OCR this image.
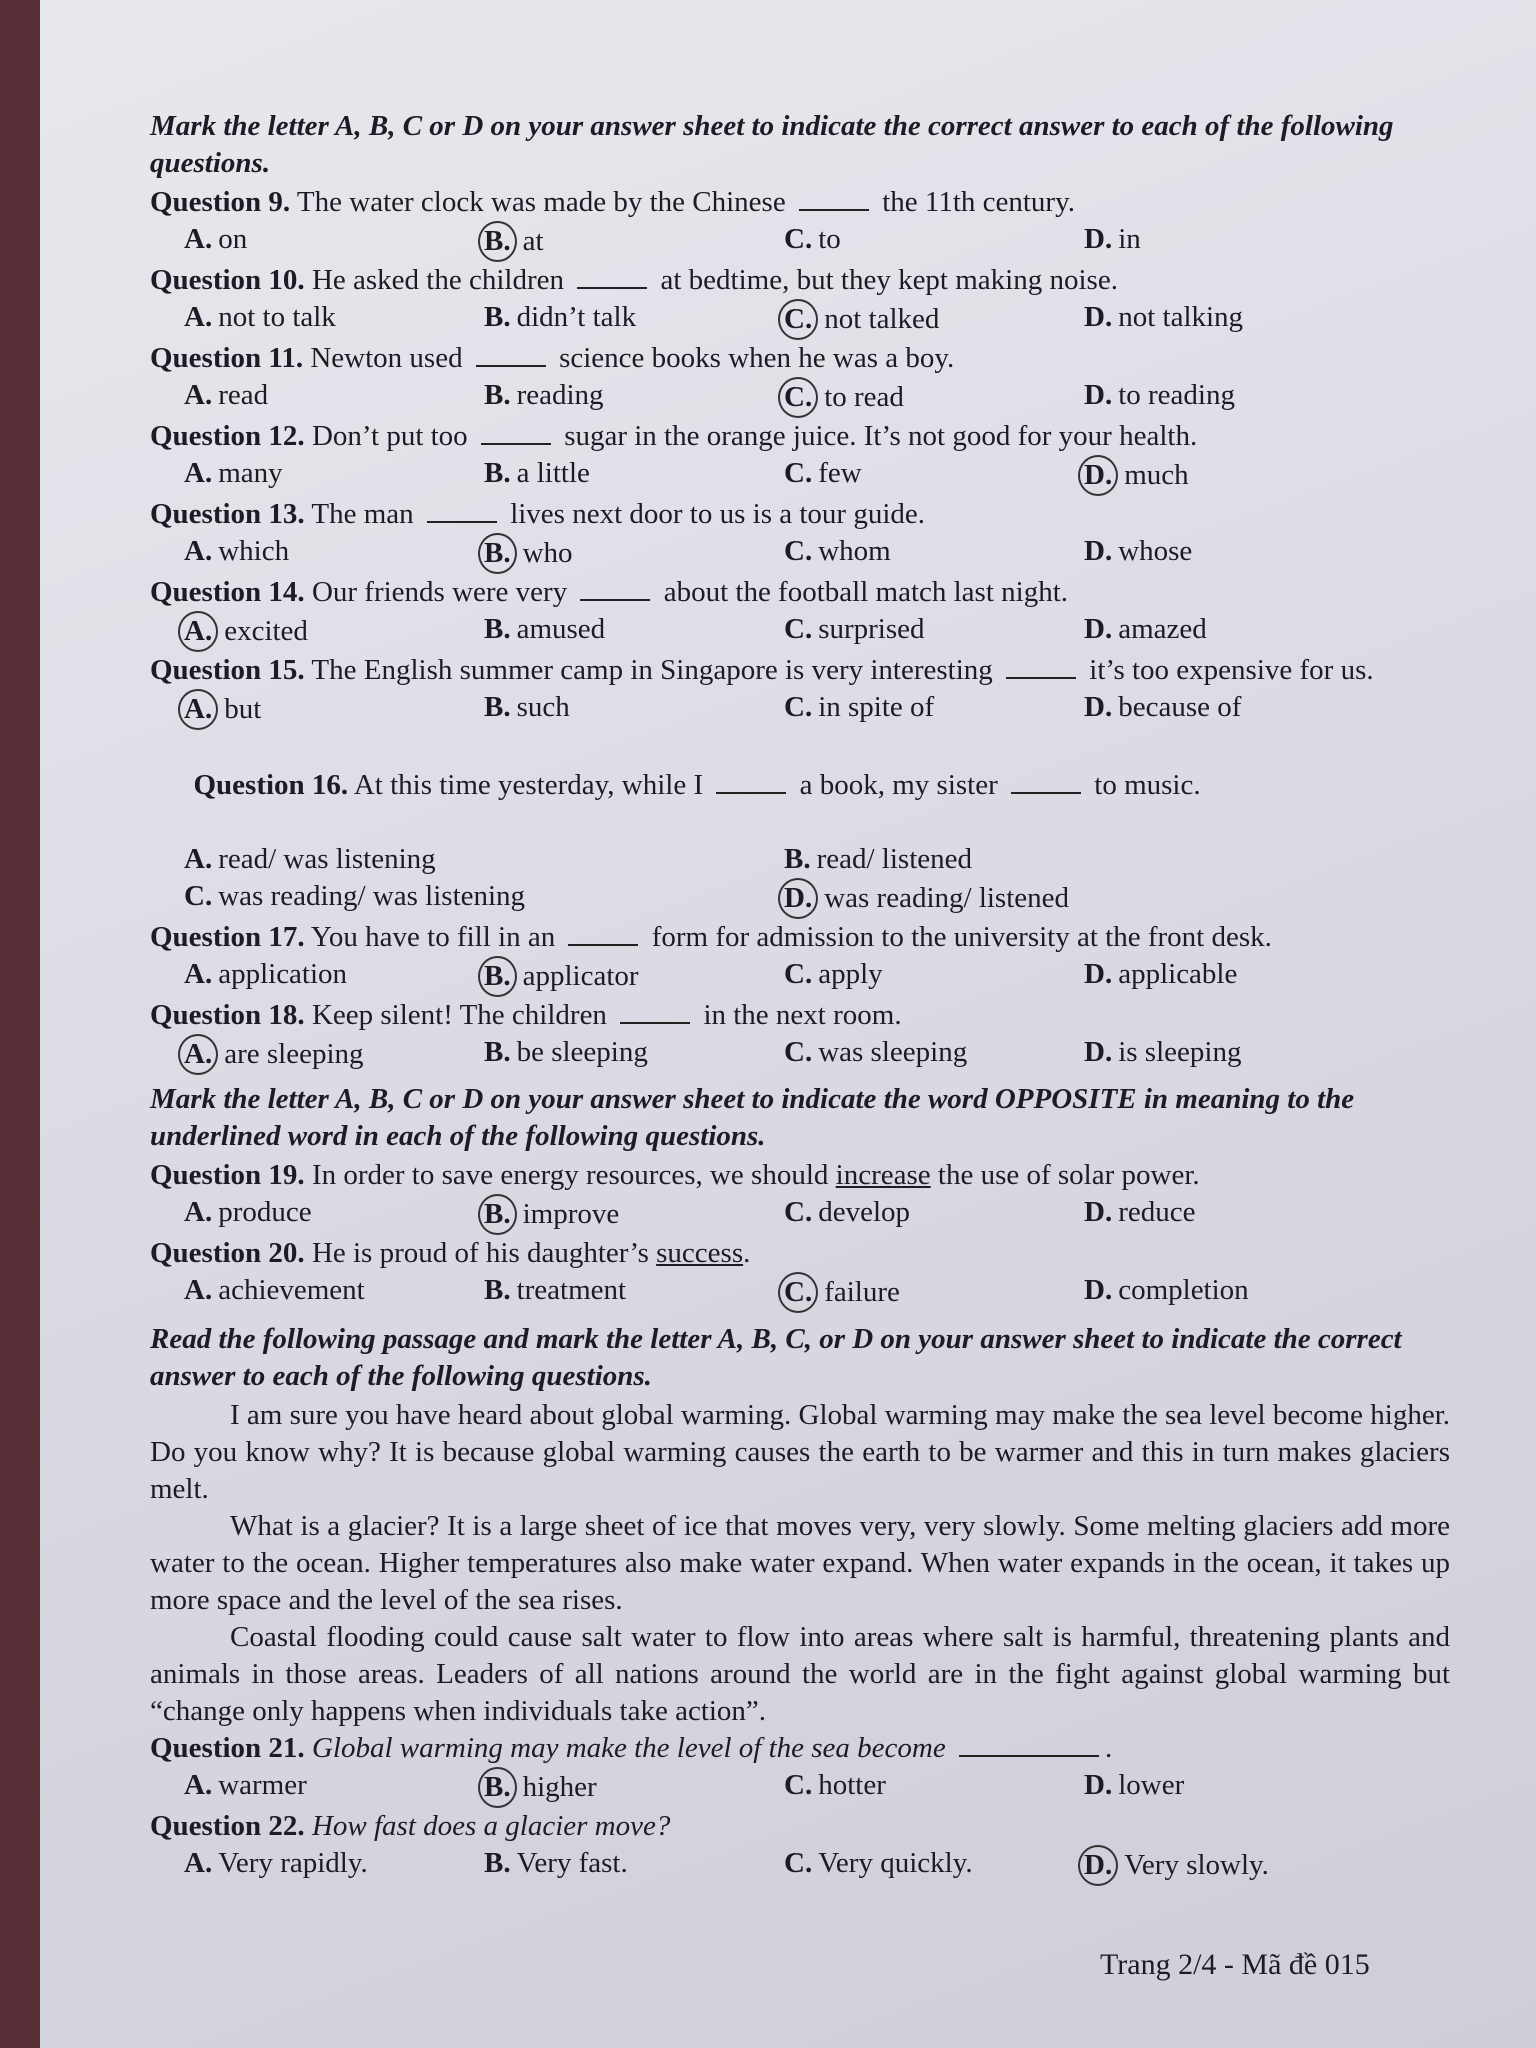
Mark the letter A, B, C or D on your answer sheet to indicate the correct answer to each of the following questions.
Question 9. The water clock was made by the Chinese	the 11th century.
A. on	B. at	C. to	D. in
Question 10. He asked the children	at bedtime, but they kept making noise.
A. not to talk	B. didn’t talk	C. not talked	D. not talking
Question 11. Newton used	science books when he was a boy.
A. read	B. reading	C. to read	D. to reading
Question 12. Don’t put too	sugar in the orange juice. It’s not good for your health.
A. many	B. a little	C. few	D. much
Question 13. The man	lives next door to us is a tour guide.
A. which	B. who	C. whom	D. whose
Question 14. Our friends were very	about the football match last night.
A. excited	B. amused	C. surprised	D. amazed
Question 15. The English summer camp in Singapore is very interesting	it’s too expensive for us.
A. but	B. such	C. in spite of	D. because of

Question 16. At this time yesterday, while I	a book, my sister	to music.

A. read/ was listening	B. read/ listened
C. was reading/ was listening	D. was reading/ listened
Question 17. You have to fill in an	form for admission to the university at the front desk.
A. application	B. applicator	C. apply	D. applicable
Question 18. Keep silent! The children	in the next room.
A. are sleeping	B. be sleeping	C. was sleeping	D. is sleeping
Mark the letter A, B, C or D on your answer sheet to indicate the word OPPOSITE in meaning to the underlined word in each of the following questions.
Question 19. In order to save energy resources, we should increase the use of solar power.
A. produce	B. improve	C. develop	D. reduce
Question 20. He is proud of his daughter’s success.
A. achievement	B. treatment	C. failure	D. completion
Read the following passage and mark the letter A, B, C, or D on your answer sheet to indicate the correct answer to each of the following questions.

I am sure you have heard about global warming. Global warming may make the sea level become higher. Do you know why? It is because global warming causes the earth to be warmer and this in turn makes glaciers melt.

What is a glacier? It is a large sheet of ice that moves very, very slowly. Some melting glaciers add more water to the ocean. Higher temperatures also make water expand. When water expands in the ocean, it takes up more space and the level of the sea rises.

Coastal flooding could cause salt water to flow into areas where salt is harmful, threatening plants and animals in those areas. Leaders of all nations around the world are in the fight against global warming but “change only happens when individuals take action”.

Question 21. Global warming may make the level of the sea become	.
A. warmer	B. higher	C. hotter	D. lower
Question 22. How fast does a glacier move?
A. Very rapidly.	B. Very fast.	C. Very quickly.	D. Very slowly.
Trang 2/4 - Mã đề 015
